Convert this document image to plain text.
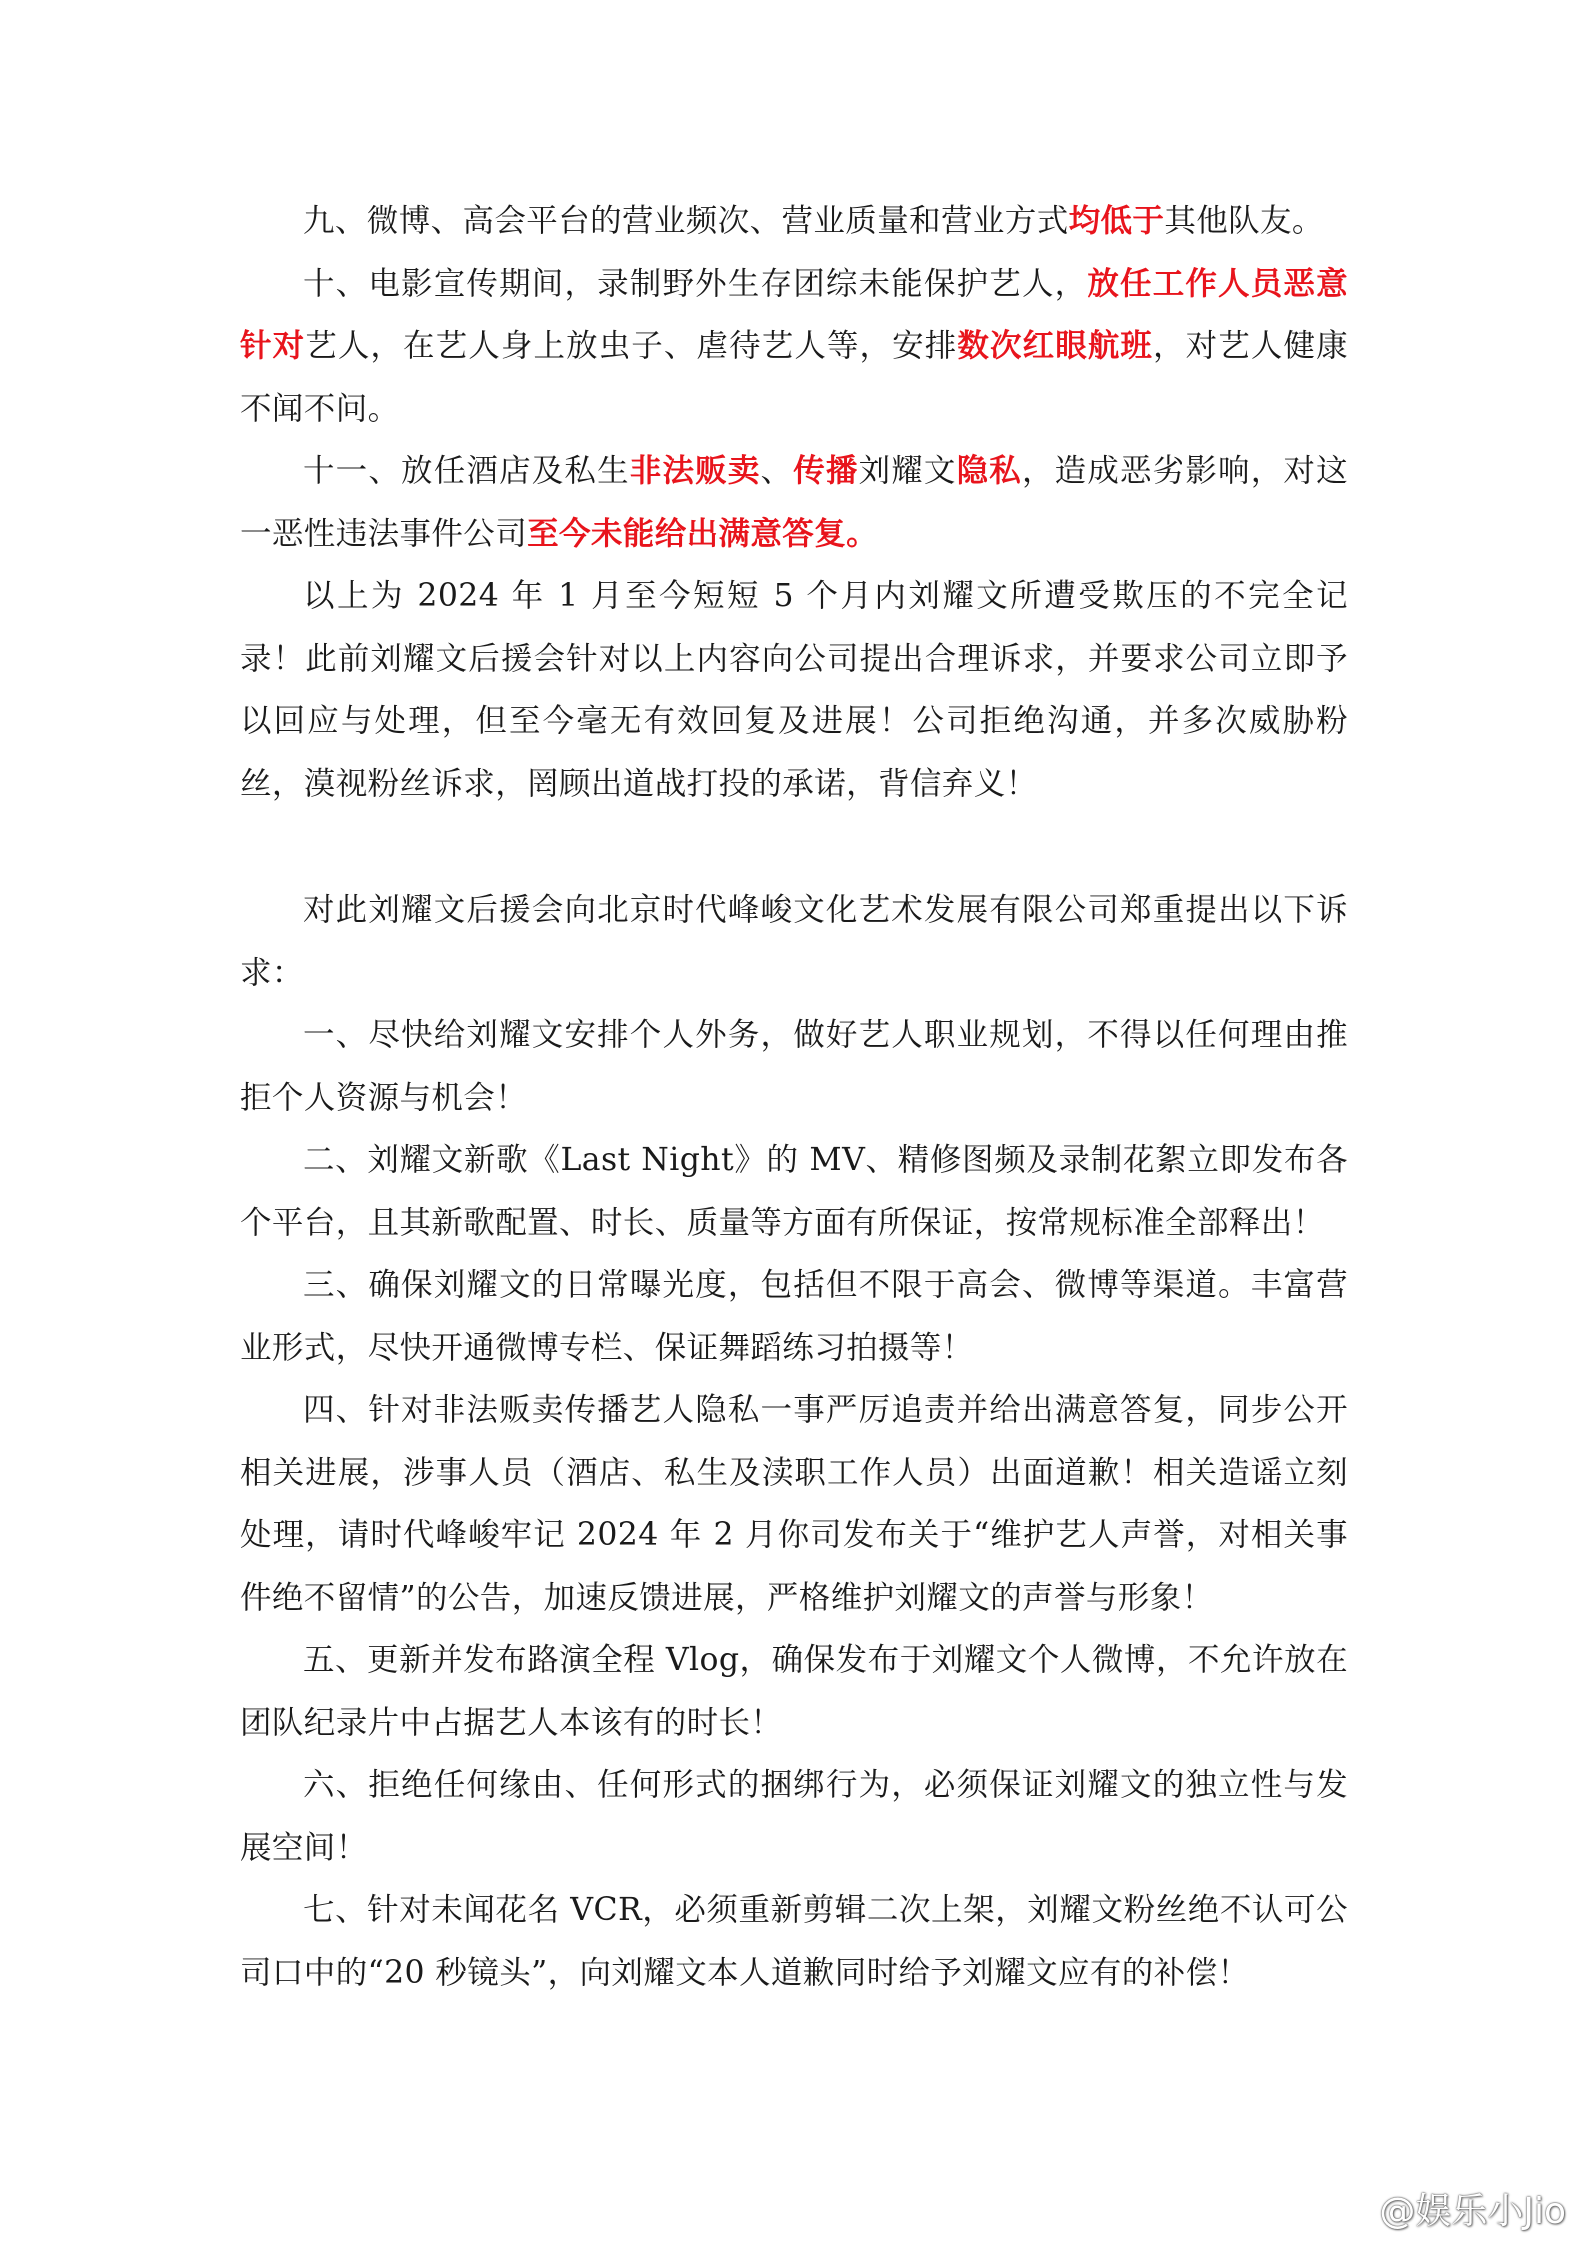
九、微博、高会平台的营业频次、营业质量和营业方式均低于其他队友。

十、电影宣传期间，录制野外生存团综未能保护艺人，放任工作人员恶意针对艺人，在艺人身上放虫子、虐待艺人等，安排数次红眼航班，对艺人健康不闻不问。

十一、放任酒店及私生非法贩卖、传播刘耀文隐私，造成恶劣影响，对这一恶性违法事件公司至今未能给出满意答复。

以上为 2024 年 1 月至今短短 5 个月内刘耀文所遭受欺压的不完全记录！此前刘耀文后援会针对以上内容向公司提出合理诉求，并要求公司立即予以回应与处理，但至今毫无有效回复及进展！公司拒绝沟通，并多次威胁粉丝，漠视粉丝诉求，罔顾出道战打投的承诺，背信弃义！

对此刘耀文后援会向北京时代峰峻文化艺术发展有限公司郑重提出以下诉求：

一、尽快给刘耀文安排个人外务，做好艺人职业规划，不得以任何理由推拒个人资源与机会！

二、刘耀文新歌《Last Night》的 MV、精修图频及录制花絮立即发布各个平台，且其新歌配置、时长、质量等方面有所保证，按常规标准全部释出！

三、确保刘耀文的日常曝光度，包括但不限于高会、微博等渠道。丰富营业形式，尽快开通微博专栏、保证舞蹈练习拍摄等！

四、针对非法贩卖传播艺人隐私一事严厉追责并给出满意答复，同步公开相关进展，涉事人员（酒店、私生及渎职工作人员）出面道歉！相关造谣立刻处理，请时代峰峻牢记 2024 年 2 月你司发布关于“维护艺人声誉，对相关事件绝不留情”的公告，加速反馈进展，严格维护刘耀文的声誉与形象！

五、更新并发布路演全程 Vlog，确保发布于刘耀文个人微博，不允许放在团队纪录片中占据艺人本该有的时长！

六、拒绝任何缘由、任何形式的捆绑行为，必须保证刘耀文的独立性与发展空间！

七、针对未闻花名 VCR，必须重新剪辑二次上架，刘耀文粉丝绝不认可公司口中的“20 秒镜头”，向刘耀文本人道歉同时给予刘耀文应有的补偿！

@娱乐小Jio
